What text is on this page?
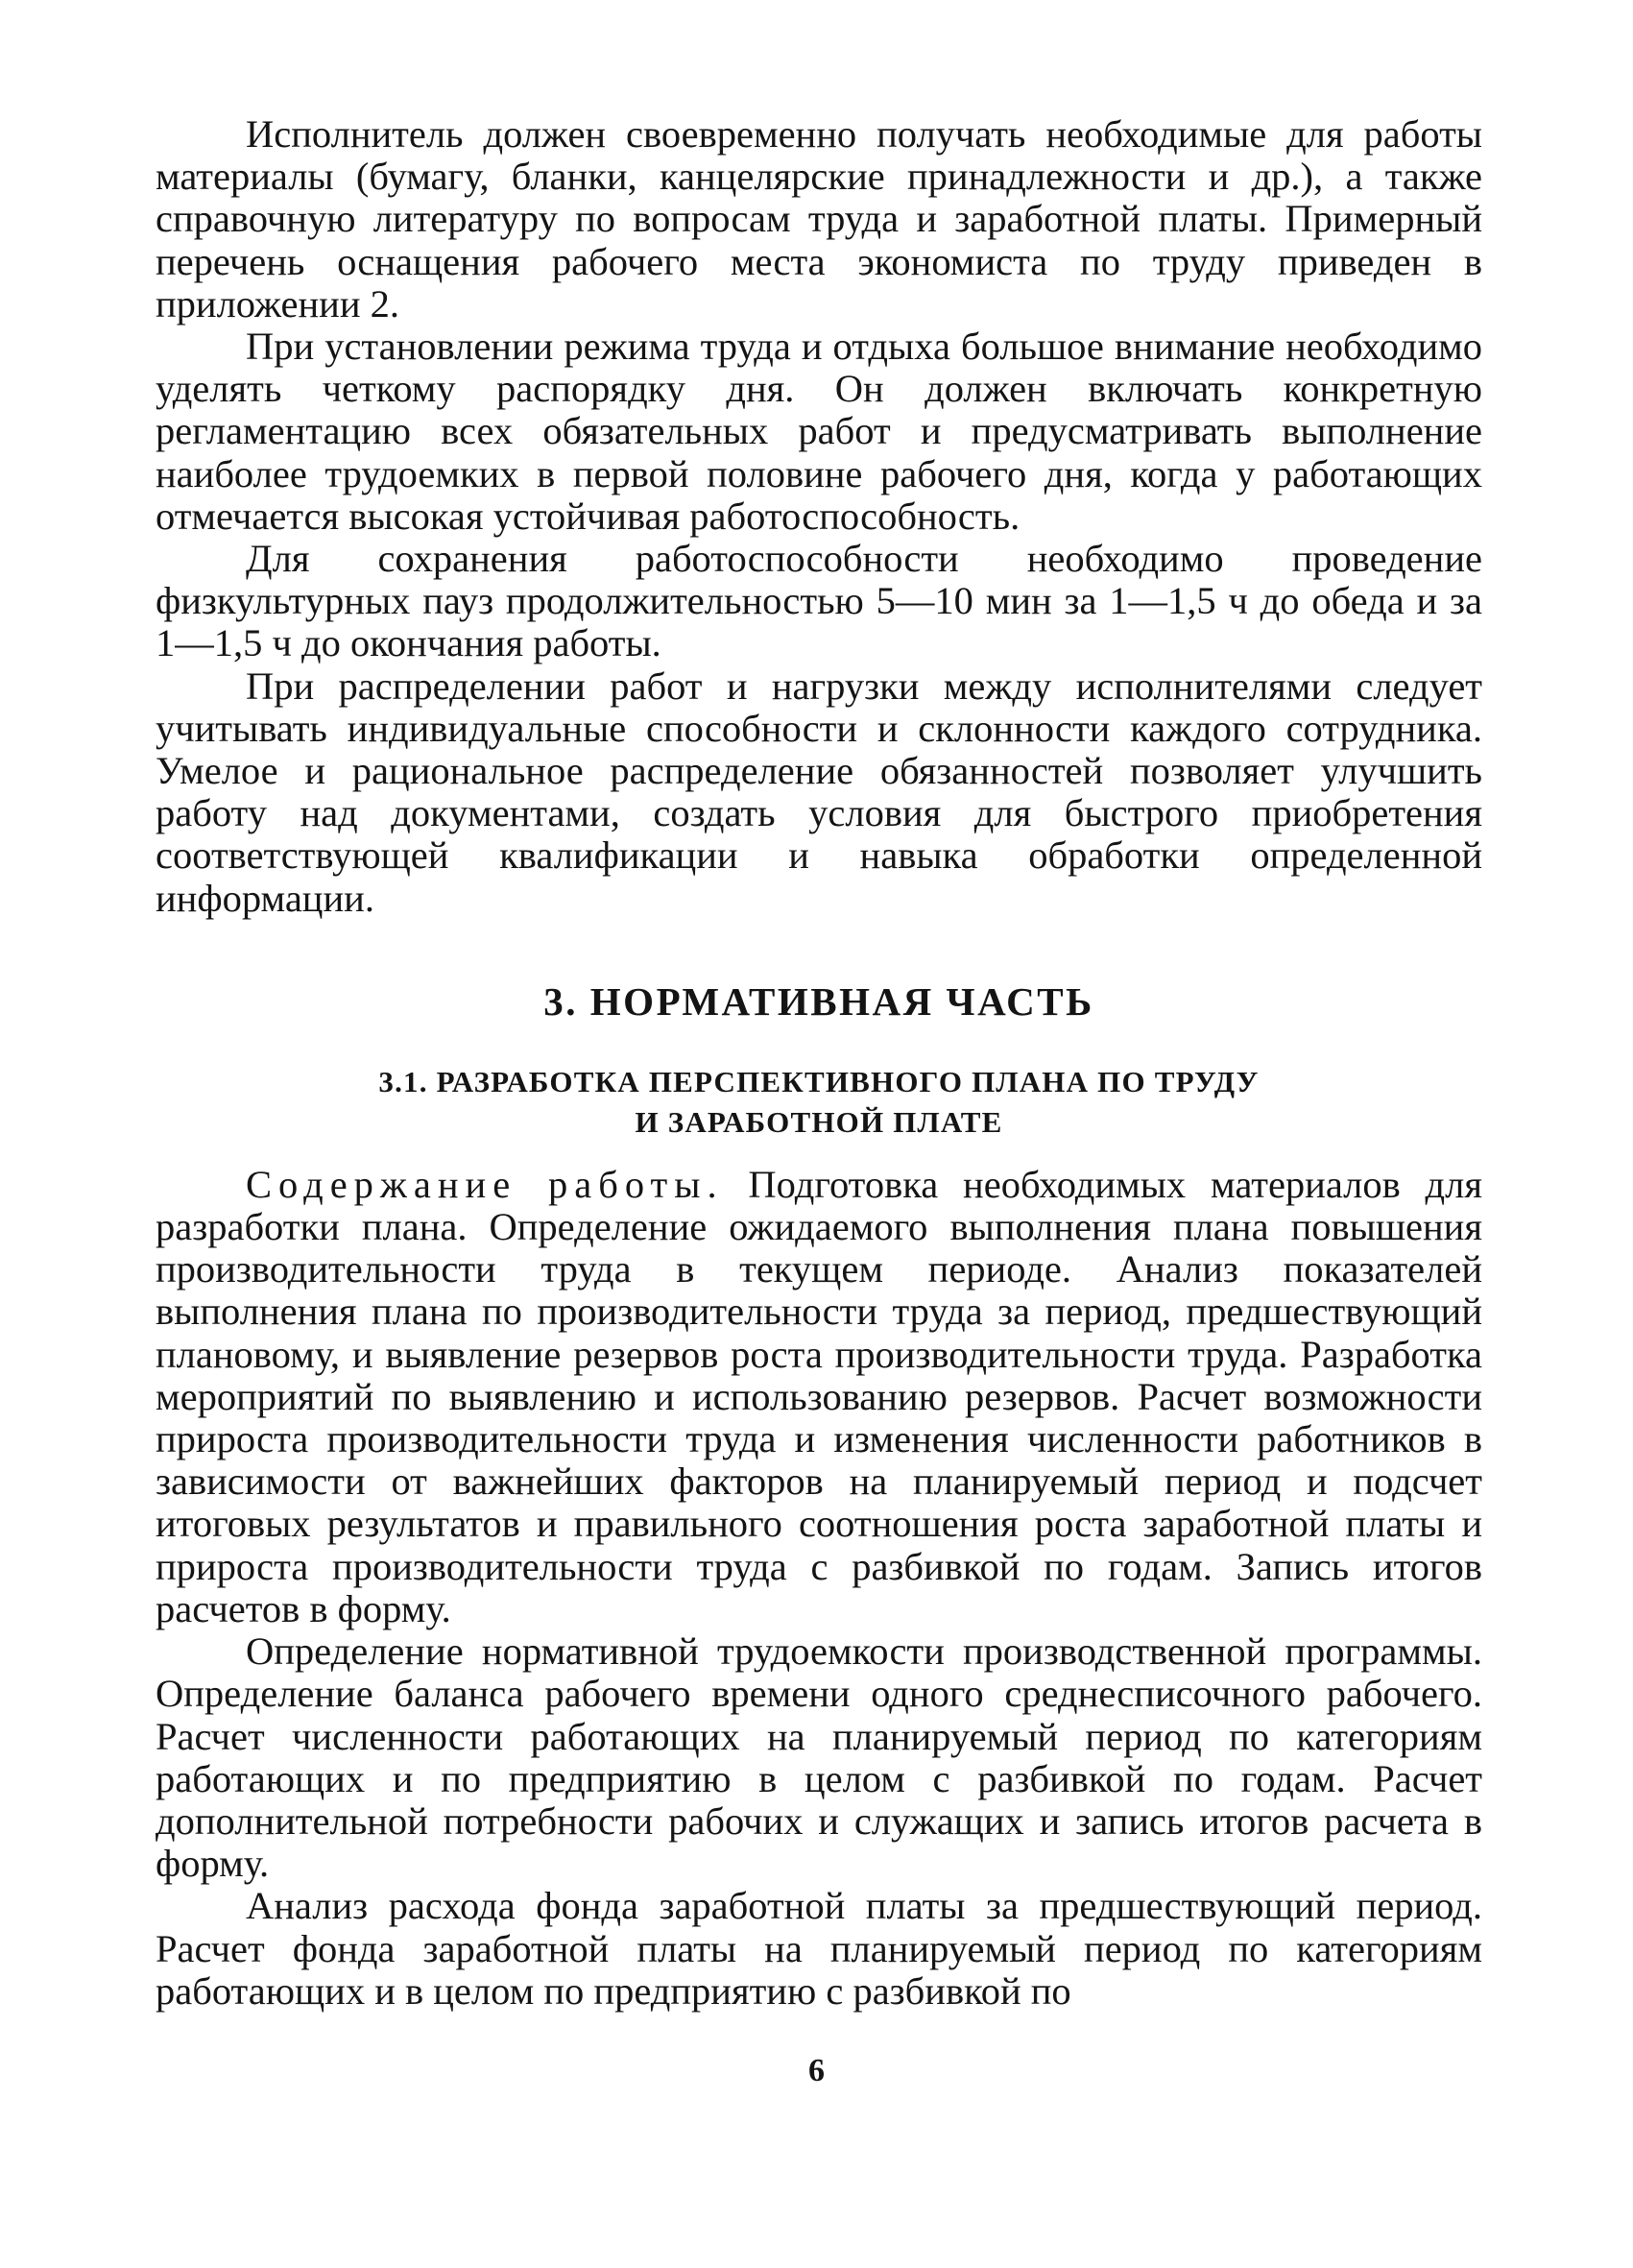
Исполнитель должен своевременно получать необходимые для работы материалы (бумагу, бланки, канцелярские принадлежности и др.), а также справочную литературу по вопросам труда и заработной платы. Примерный перечень оснащения рабочего места экономиста по труду приведен в приложении 2.

При установлении режима труда и отдыха большое внимание необходимо уделять четкому распорядку дня. Он должен включать конкретную регламентацию всех обязательных работ и предусматривать выполнение наиболее трудоемких в первой половине рабочего дня, когда у работающих отмечается высокая устойчивая работоспособность.

Для сохранения работоспособности необходимо проведение физкультурных пауз продолжительностью 5—10 мин за 1—1,5 ч до обеда и за 1—1,5 ч до окончания работы.

При распределении работ и нагрузки между исполнителями следует учитывать индивидуальные способности и склонности каждого сотрудника. Умелое и рациональное распределение обязанностей позволяет улучшить работу над документами, создать условия для быстрого приобретения соответствующей квалификации и навыка обработки определенной информации.

3. НОРМАТИВНАЯ ЧАСТЬ
3.1. РАЗРАБОТКА ПЕРСПЕКТИВНОГО ПЛАНА ПО ТРУДУ
И ЗАРАБОТНОЙ ПЛАТЕ

Содержание работы. Подготовка необходимых материалов для разработки плана. Определение ожидаемого выполнения плана повышения производительности труда в текущем периоде. Анализ показателей выполнения плана по производительности труда за период, предшествующий плановому, и выявление резервов роста производительности труда. Разработка мероприятий по выявлению и использованию резервов. Расчет возможности прироста производительности труда и изменения численности работников в зависимости от важнейших факторов на планируемый период и подсчет итоговых результатов и правильного соотношения роста заработной платы и прироста производительности труда с разбивкой по годам. Запись итогов расчетов в форму.

Определение нормативной трудоемкости производственной программы. Определение баланса рабочего времени одного среднесписочного рабочего. Расчет численности работающих на планируемый период по категориям работающих и по предприятию в целом с разбивкой по годам. Расчет дополнительной потребности рабочих и служащих и запись итогов расчета в форму.

Анализ расхода фонда заработной платы за предшествующий период. Расчет фонда заработной платы на планируемый период по категориям работающих и в целом по предприятию с разбивкой по

6
